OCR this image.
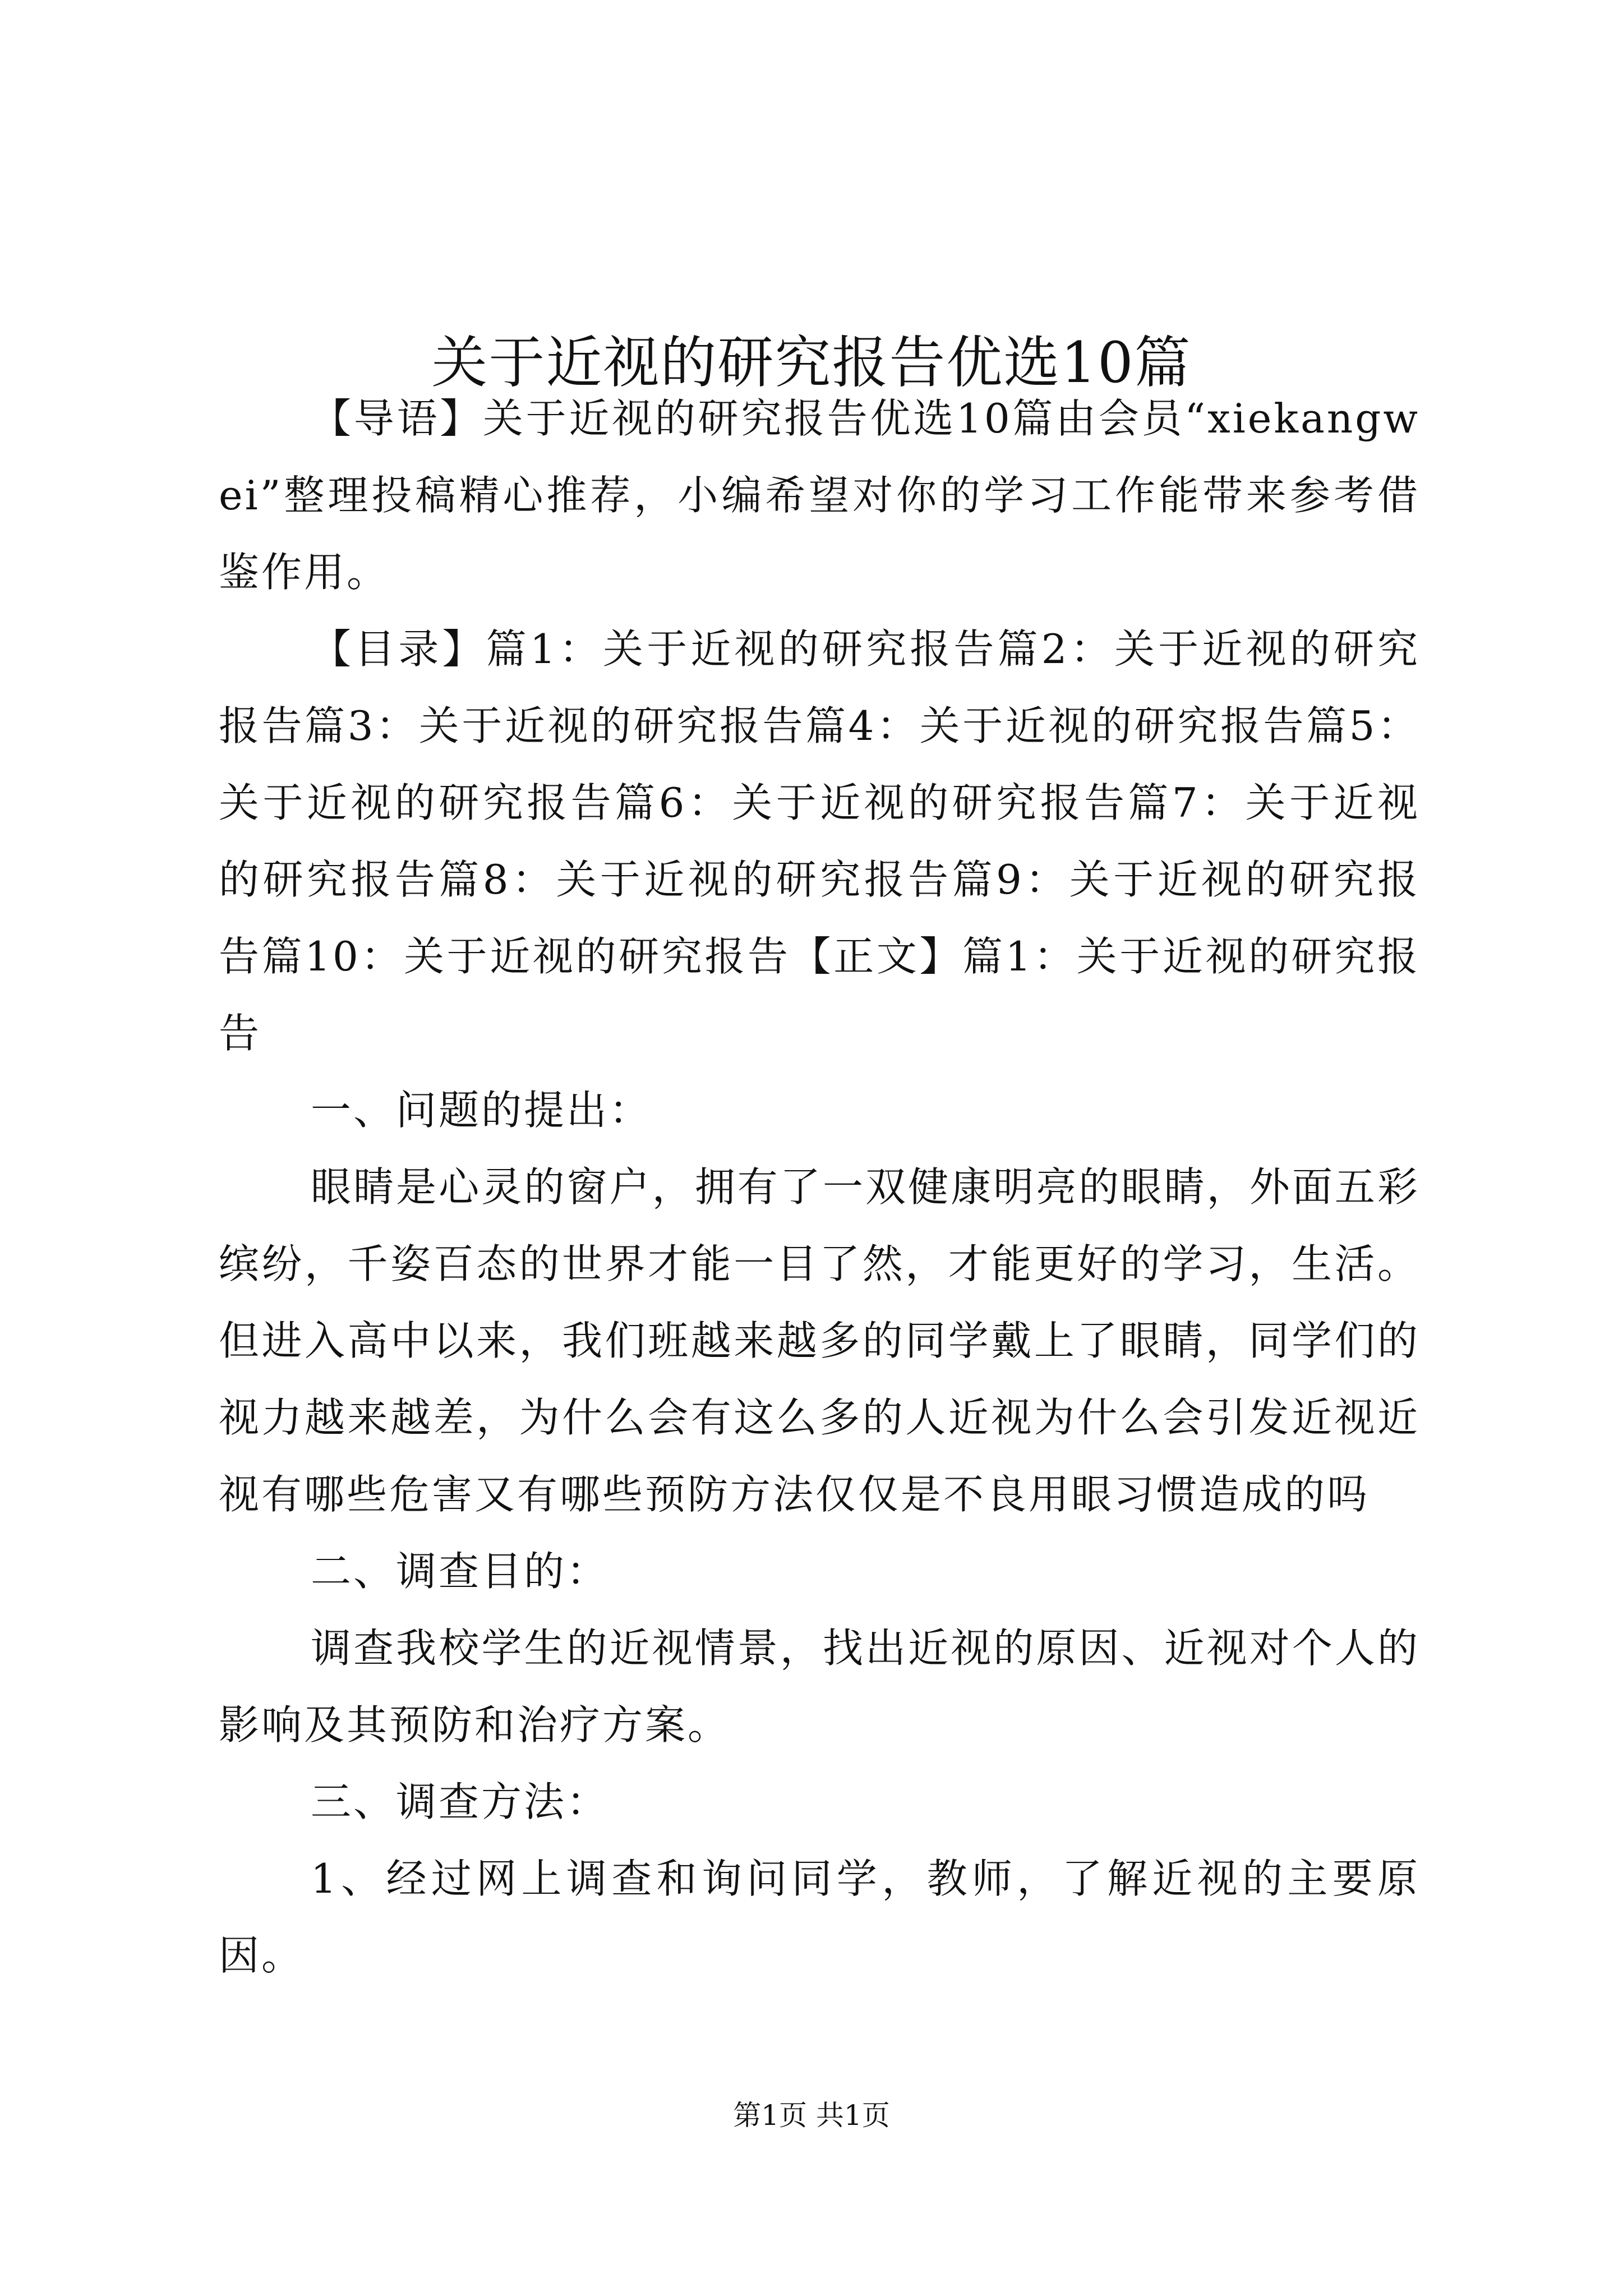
关于近视的研究报告优选10篇

【导语】关于近视的研究报告优选10篇由会员“xiekangwei”整理投稿精心推荐，小编希望对你的学习工作能带来参考借鉴作用。

【目录】篇1：关于近视的研究报告篇2：关于近视的研究报告篇3：关于近视的研究报告篇4：关于近视的研究报告篇5：关于近视的研究报告篇6：关于近视的研究报告篇7：关于近视的研究报告篇8：关于近视的研究报告篇9：关于近视的研究报告篇10：关于近视的研究报告【正文】篇1：关于近视的研究报告

一、问题的提出：

眼睛是心灵的窗户，拥有了一双健康明亮的眼睛，外面五彩缤纷，千姿百态的世界才能一目了然，才能更好的学习，生活。但进入高中以来，我们班越来越多的同学戴上了眼睛，同学们的视力越来越差，为什么会有这么多的人近视为什么会引发近视近视有哪些危害又有哪些预防方法仅仅是不良用眼习惯造成的吗

二、调查目的：

调查我校学生的近视情景，找出近视的原因、近视对个人的影响及其预防和治疗方案。

三、调查方法：

1、经过网上调查和询问同学，教师，了解近视的主要原因。

第1页 共1页
